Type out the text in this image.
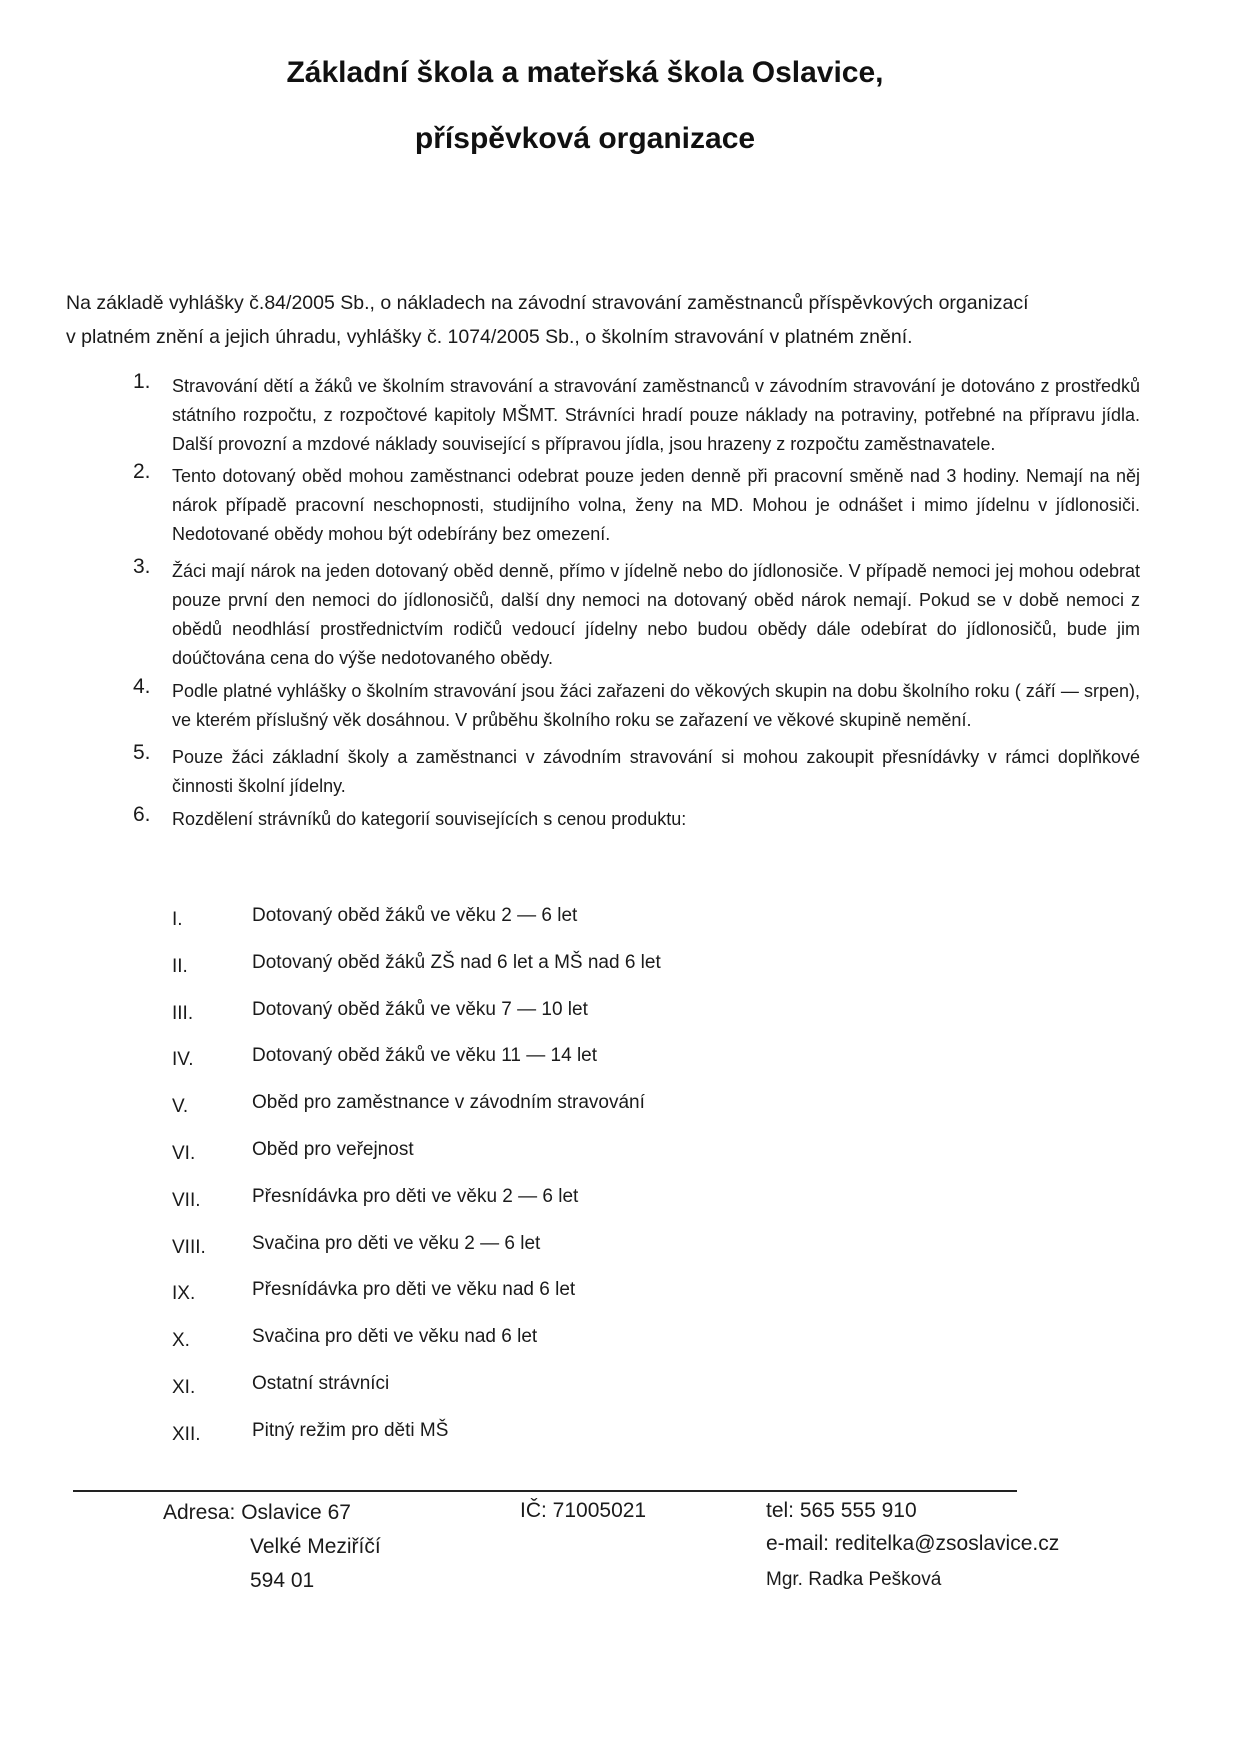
Základní škola a mateřská škola Oslavice,
příspěvková organizace
Na základě vyhlášky č.84/2005 Sb., o nákladech na závodní stravování zaměstnanců příspěvkových organizací
v platném znění a jejich úhradu, vyhlášky č. 1074/2005 Sb., o školním stravování v platném znění.
1. Stravování dětí a žáků ve školním stravování a stravování zaměstnanců v závodním stravování je dotováno z prostředků státního rozpočtu, z rozpočtové kapitoly MŠMT. Strávníci hradí pouze náklady na potraviny, potřebné na přípravu jídla. Další provozní a mzdové náklady související s přípravou jídla, jsou hrazeny z rozpočtu zaměstnavatele.
2. Tento dotovaný oběd mohou zaměstnanci odebrat pouze jeden denně při pracovní směně nad 3 hodiny. Nemají na něj nárok případě pracovní neschopnosti, studijního volna, ženy na MD. Mohou je odnášet i mimo jídelnu v jídlonosiči. Nedotované obědy mohou být odebírány bez omezení.
3. Žáci mají nárok na jeden dotovaný oběd denně, přímo v jídelně nebo do jídlonosiče. V případě nemoci jej mohou odebrat pouze první den nemoci do jídlonosičů, další dny nemoci na dotovaný oběd nárok nemají. Pokud se v době nemoci z obědů neodhlásí prostřednictvím rodičů vedoucí jídelny nebo budou obědy dále odebírat do jídlonosičů, bude jim doúčtována cena do výše nedotovaného obědy.
4. Podle platné vyhlášky o školním stravování jsou žáci zařazeni do věkových skupin na dobu školního roku ( září — srpen), ve kterém příslušný věk dosáhnou. V průběhu školního roku se zařazení ve věkové skupině nemění.
5. Pouze žáci základní školy a zaměstnanci v závodním stravování si mohou zakoupit přesnídávky v rámci doplňkové činnosti školní jídelny.
6. Rozdělení strávníků do kategorií souvisejících s cenou produktu:
I.	Dotovaný oběd žáků ve věku 2 — 6 let
II.	Dotovaný oběd žáků ZŠ nad 6 let a MŠ nad 6 let
III.	Dotovaný oběd žáků ve věku 7 — 10 let
IV.	Dotovaný oběd žáků ve věku 11 — 14 let
V.	Oběd pro zaměstnance v závodním stravování
VI.	Oběd pro veřejnost
VII.	Přesnídávka pro děti ve věku 2 — 6 let
VIII. Svačina pro děti ve věku 2 — 6 let
IX.	Přesnídávka pro děti ve věku nad 6 let
X.	Svačina pro děti ve věku nad 6 let
XI.	Ostatní strávníci
XII.	Pitný režim pro děti MŠ
Adresa: Oslavice 67
Velké Meziříčí
594 01
IČ: 71005021	tel: 565 555 910
e-mail: reditelka@zsoslavice.cz
Mgr. Radka Pešková
